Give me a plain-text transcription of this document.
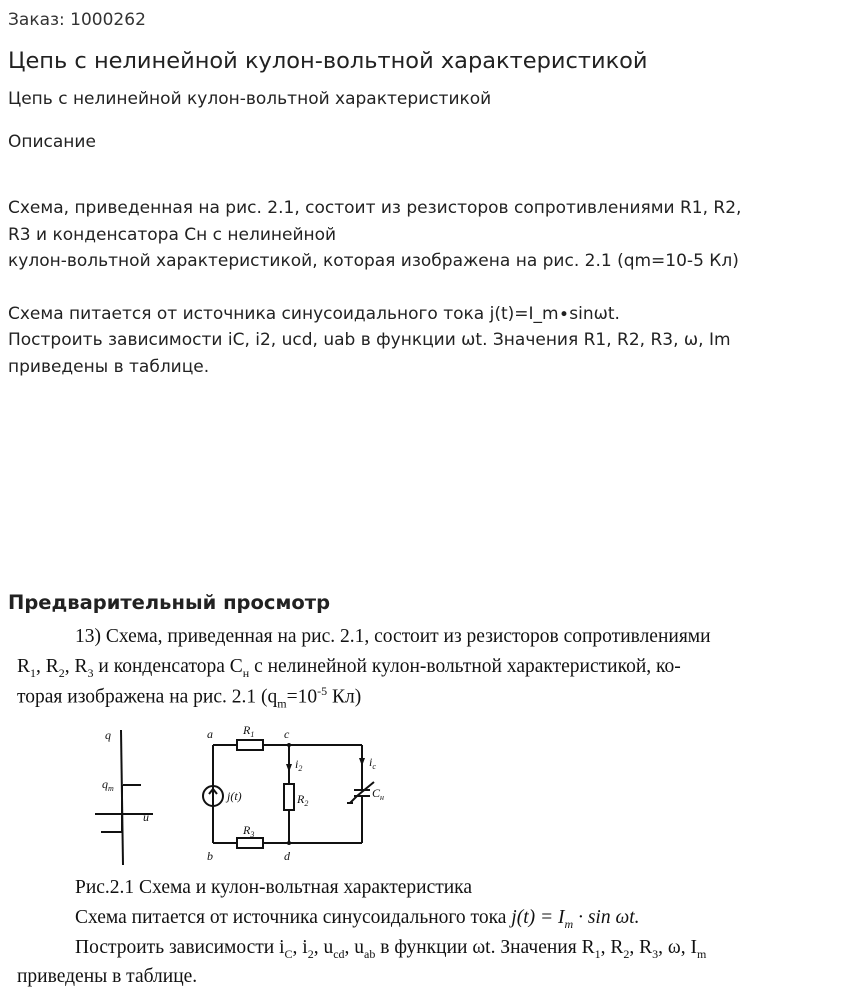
Заказ: 1000262
Цепь с нелинейной кулон-вольтной характеристикой
Цепь с нелинейной кулон-вольтной характеристикой
Описание

Схема, приведенная на рис. 2.1, состоит из резисторов сопротивлениями R1, R2,

R3 и конденсатора Сн с нелинейной

кулон-вольтной характеристикой, которая изображена на рис. 2.1 (qm=10-5 Кл)

Схема питается от источника синусоидального тока j(t)=I_m∙sinωt.

Построить зависимости iC, i2, ucd, uab в функции ωt. Значения R1, R2, R3, ω, Im

приведены в таблице.

Предварительный просмотр
13) Схема, приведенная на рис. 2.1, состоит из резисторов сопротивлениями
$R_1$, $R_2$, $R_3$ и конденсатора $С_н$ с нелинейной кулон-вольтной характеристикой, ко-
торая изображена на рис. 2.1 ($q_m=10^{-5}$ Кл)
q
$q_m$
u
a
b
c
d
$R_1$
$R_3$
$R_2$
$i_2$	$i_c$
j(t)	$C_н$
Рис.2.1 Схема и кулон-вольтная характеристика
Схема питается от источника синусоидального тока $j(t) = I_m \cdot \sin \omega t$.
Построить зависимости $i_C$, $i_2$, $u_{cd}$, $u_{ab}$ в функции ωt. Значения $R_1$, $R_2$, $R_3$, ω, $I_m$
приведены в таблице.
